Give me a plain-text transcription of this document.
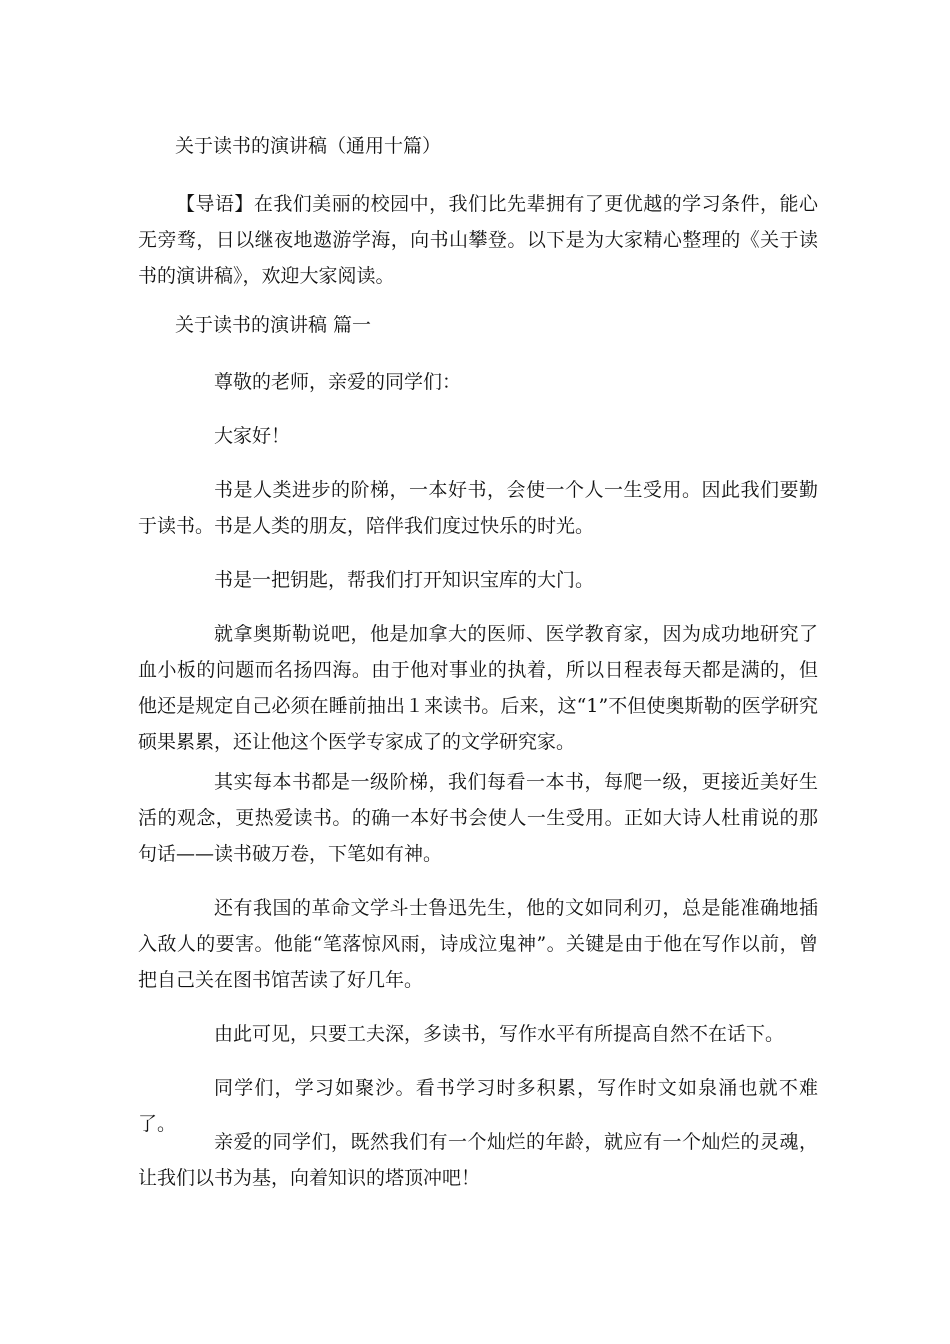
关于读书的演讲稿（通用十篇）

【导语】在我们美丽的校园中，我们比先辈拥有了更优越的学习条件，能心无旁骛，日以继夜地遨游学海，向书山攀登。以下是为大家精心整理的《关于读书的演讲稿》，欢迎大家阅读。

关于读书的演讲稿 篇一

尊敬的老师，亲爱的同学们：

大家好！

书是人类进步的阶梯，一本好书，会使一个人一生受用。因此我们要勤于读书。书是人类的朋友，陪伴我们度过快乐的时光。

书是一把钥匙，帮我们打开知识宝库的大门。

就拿奥斯勒说吧，他是加拿大的医师、医学教育家，因为成功地研究了血小板的问题而名扬四海。由于他对事业的执着，所以日程表每天都是满的，但他还是规定自己必须在睡前抽出１来读书。后来，这“1”不但使奥斯勒的医学研究硕果累累，还让他这个医学专家成了的文学研究家。

其实每本书都是一级阶梯，我们每看一本书，每爬一级，更接近美好生活的观念，更热爱读书。的确一本好书会使人一生受用。正如大诗人杜甫说的那句话——读书破万卷，下笔如有神。

还有我国的革命文学斗士鲁迅先生，他的文如同利刃，总是能准确地插入敌人的要害。他能“笔落惊风雨，诗成泣鬼神”。关键是由于他在写作以前，曾把自己关在图书馆苦读了好几年。

由此可见，只要工夫深，多读书，写作水平有所提高自然不在话下。

同学们，学习如聚沙。看书学习时多积累，写作时文如泉涌也就不难了。

亲爱的同学们，既然我们有一个灿烂的年龄，就应有一个灿烂的灵魂，让我们以书为基，向着知识的塔顶冲吧！
